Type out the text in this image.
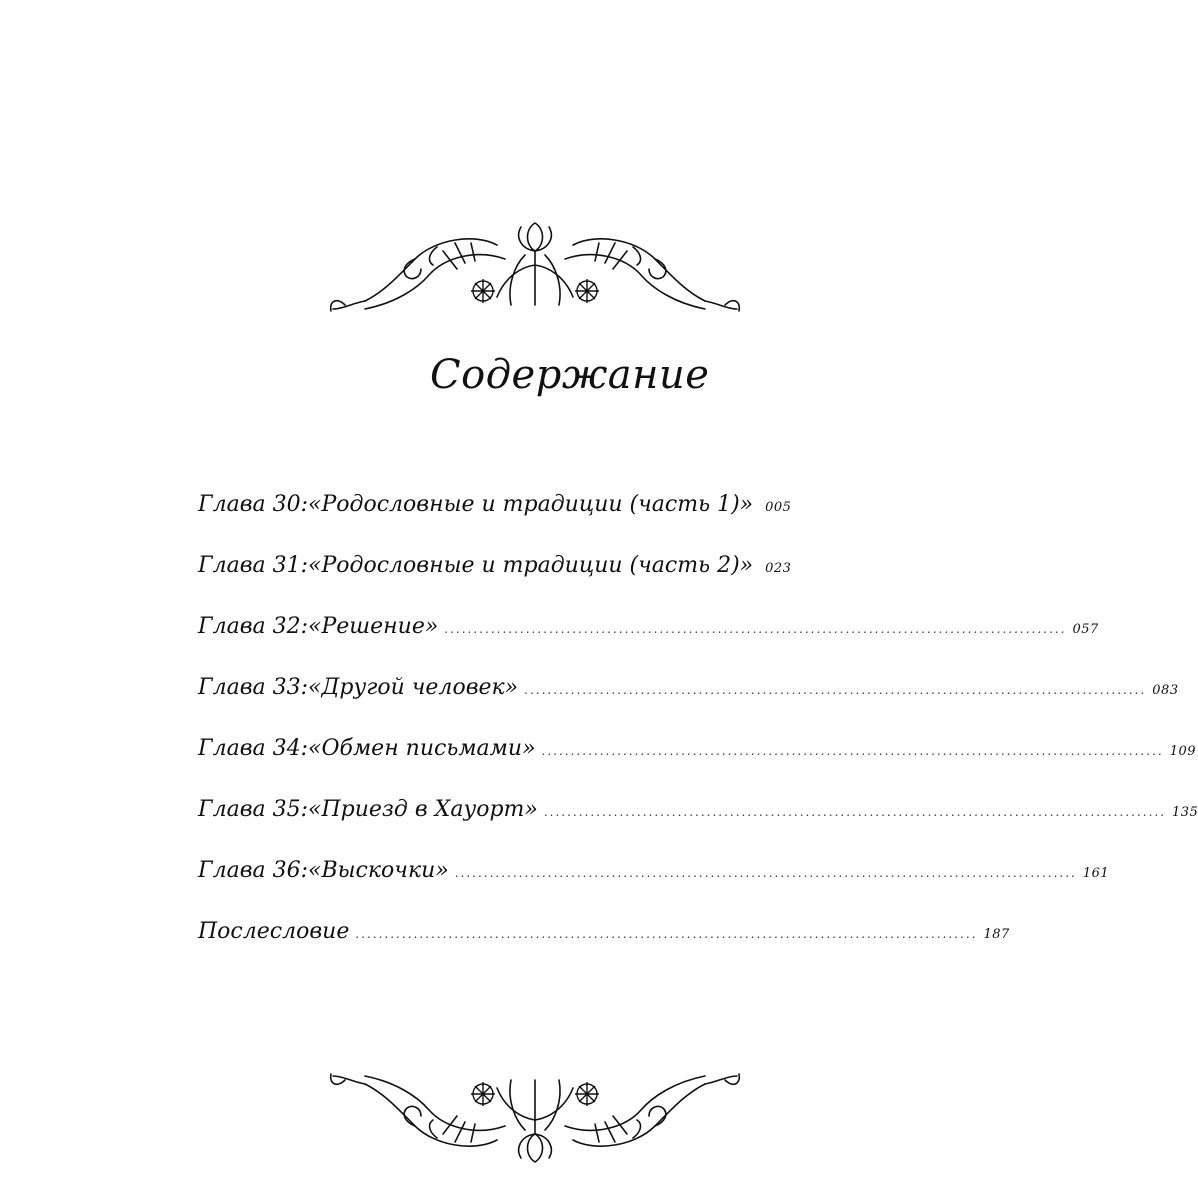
Содержание
Глава 30: «Родословные и традиции (часть 1)» 005
Глава 31: «Родословные и традиции (часть 2)» 023
Глава 32: «Решение» ........................................................................................................... 057
Глава 33: «Другой человек» ........................................................................................................... 083
Глава 34: «Обмен письмами» ........................................................................................................... 109
Глава 35: «Приезд в Хауорт» ........................................................................................................... 135
Глава 36: «Выскочки» ........................................................................................................... 161
Послесловие ........................................................................................................... 187
